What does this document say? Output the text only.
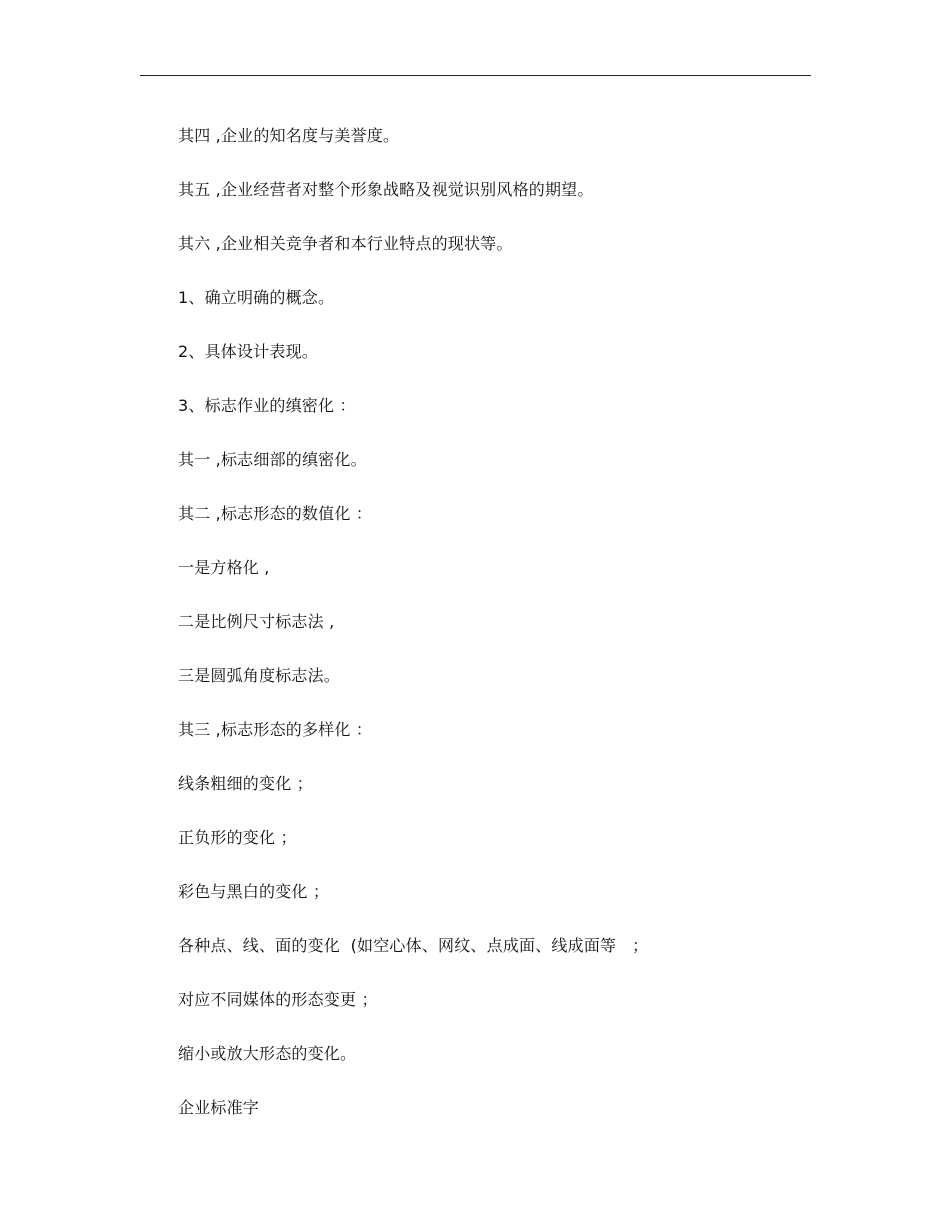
其四 ,企业的知名度与美誉度。
其五 ,企业经营者对整个形象战略及视觉识别风格的期望。
其六 ,企业相关竞争者和本行业特点的现状等。
1、确立明确的概念。
2、具体设计表现。
3、标志作业的缜密化 ：
其一 ,标志细部的缜密化。
其二 ,标志形态的数值化 ：
一是方格化 ,
二是比例尺寸标志法 ,
三是圆弧角度标志法。
其三 ,标志形态的多样化 ：
线条粗细的变化 ；
正负形的变化 ；
彩色与黑白的变化 ；
各种点、线、面的变化  (如空心体、网纹、点成面、线成面等   ；
对应不同媒体的形态变更 ；
缩小或放大形态的变化。
企业标准字
